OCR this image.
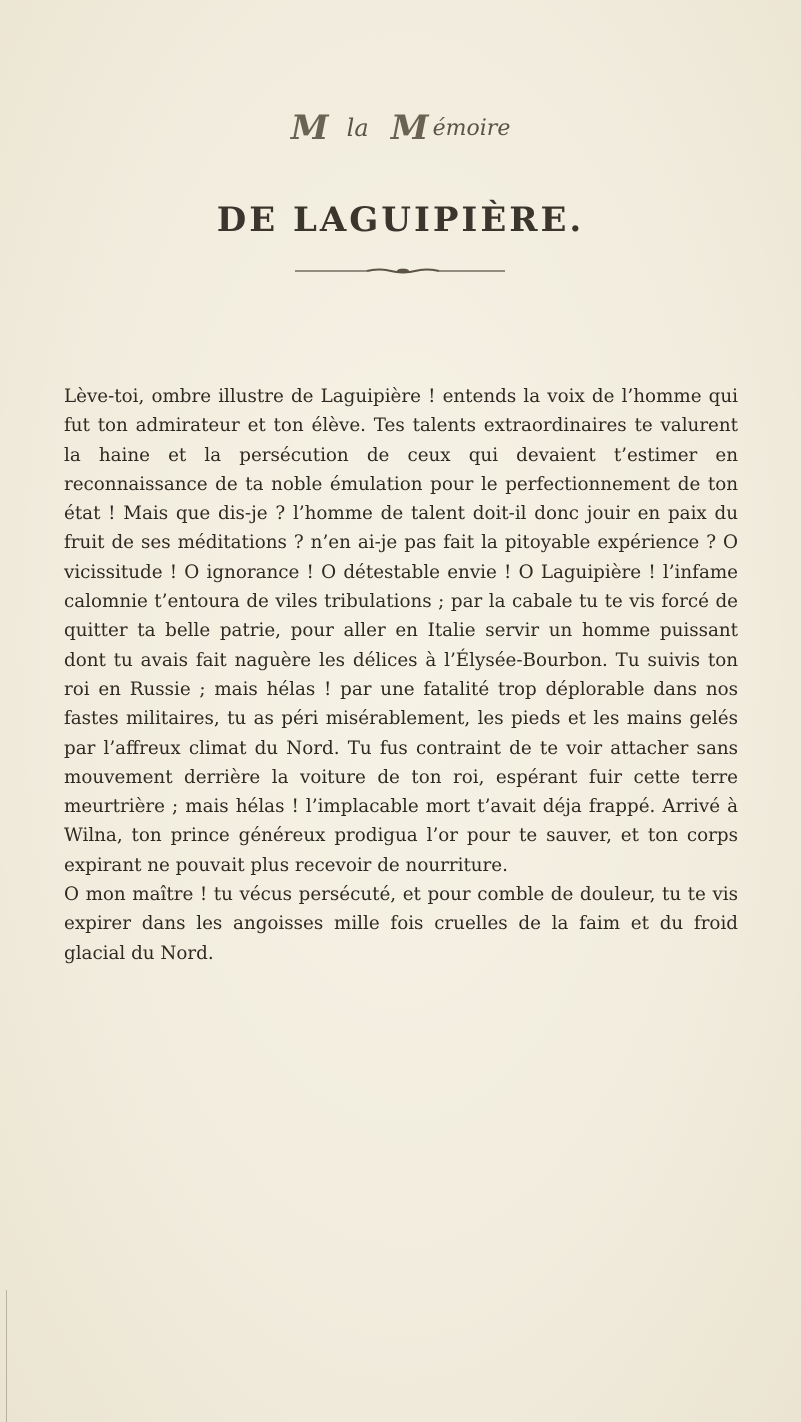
M la M émoire
DE LAGUIPIÈRE.

Lève-toi, ombre illustre de Laguipière ! entends la voix de l’homme qui fut ton admirateur et ton élève. Tes talents extraordinaires te valurent la haine et la persécution de ceux qui devaient t’estimer en reconnaissance de ta noble émulation pour le perfectionnement de ton état ! Mais que dis-je ? l’homme de talent doit-il donc jouir en paix du fruit de ses méditations ? n’en ai-je pas fait la pitoyable expérience ? O vicissitude ! O ignorance ! O détestable envie ! O Laguipière ! l’infame calomnie t’entoura de viles tribulations ; par la cabale tu te vis forcé de quitter ta belle patrie, pour aller en Italie servir un homme puissant dont tu avais fait naguère les délices à l’Élysée-Bourbon. Tu suivis ton roi en Russie ; mais hélas ! par une fatalité trop déplorable dans nos fastes militaires, tu as péri misérablement, les pieds et les mains gelés par l’affreux climat du Nord. Tu fus contraint de te voir attacher sans mouvement derrière la voiture de ton roi, espérant fuir cette terre meurtrière ; mais hélas ! l’implacable mort t’avait déja frappé. Arrivé à Wilna, ton prince généreux prodigua l’or pour te sauver, et ton corps expirant ne pouvait plus recevoir de nourriture.

O mon maître ! tu vécus persécuté, et pour comble de douleur, tu te vis expirer dans les angoisses mille fois cruelles de la faim et du froid glacial du Nord.
